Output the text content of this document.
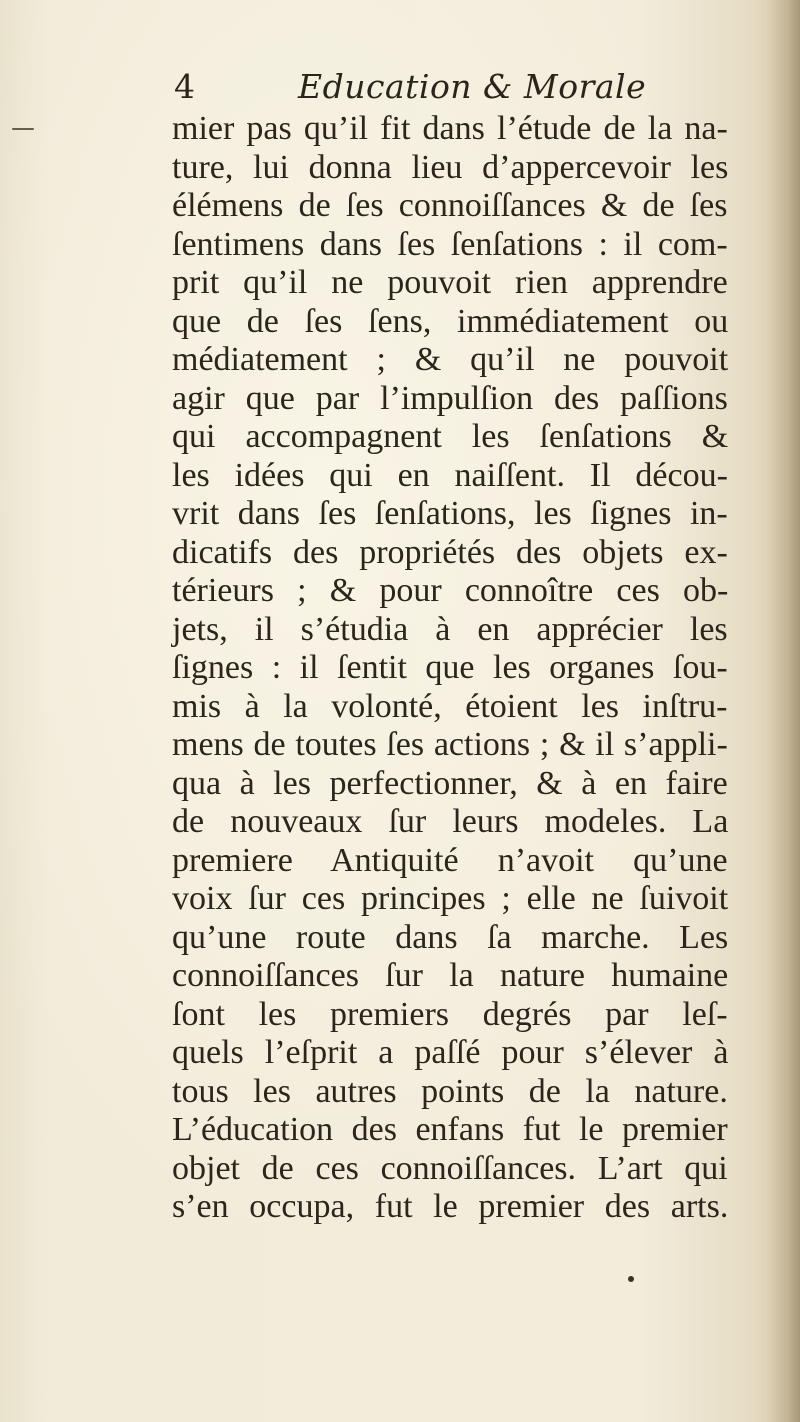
4	Education & Morale
mier pas qu’il fit dans l’étude de la na-
ture, lui donna lieu d’appercevoir les
élémens de ſes connoiſſances & de ſes
ſentimens dans ſes ſenſations : il com-
prit qu’il ne pouvoit rien apprendre
que de ſes ſens, immédiatement ou
médiatement ; & qu’il ne pouvoit
agir que par l’impulſion des paſſions
qui accompagnent les ſenſations &
les idées qui en naiſſent. Il décou-
vrit dans ſes ſenſations, les ſignes in-
dicatifs des propriétés des objets ex-
térieurs ; & pour connoître ces ob-
jets, il s’étudia à en apprécier les
ſignes : il ſentit que les organes ſou-
mis à la volonté, étoient les inſtru-
mens de toutes ſes actions ; & il s’appli-
qua à les perfectionner, & à en faire
de nouveaux ſur leurs modeles. La
premiere Antiquité n’avoit qu’une
voix ſur ces principes ; elle ne ſuivoit
qu’une route dans ſa marche. Les
connoiſſances ſur la nature humaine
ſont les premiers degrés par leſ-
quels l’eſprit a paſſé pour s’élever à
tous les autres points de la nature.
L’éducation des enfans fut le premier
objet de ces connoiſſances. L’art qui
s’en occupa, fut le premier des arts.
